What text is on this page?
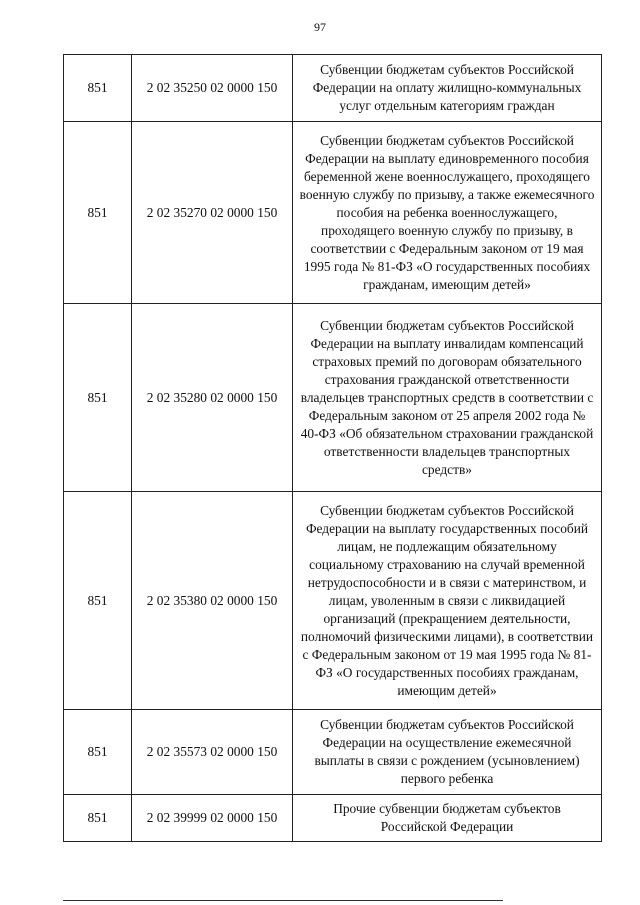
97
851	2 02 35250 02 0000 150	Субвенции бюджетам субъектов Российской Федерации на оплату жилищно-коммунальных услуг отдельным категориям граждан
851	2 02 35270 02 0000 150	Субвенции бюджетам субъектов Российской Федерации на выплату единовременного пособия беременной жене военнослужащего, проходящего военную службу по призыву, а также ежемесячного пособия на ребенка военнослужащего, проходящего военную службу по призыву, в соответствии с Федеральным законом от 19 мая 1995 года № 81-ФЗ «О государственных пособиях гражданам, имеющим детей»
851	2 02 35280 02 0000 150	Субвенции бюджетам субъектов Российской Федерации на выплату инвалидам компенсаций страховых премий по договорам обязательного страхования гражданской ответственности владельцев транспортных средств в соответствии с Федеральным законом от 25 апреля 2002 года № 40-ФЗ «Об обязательном страховании гражданской ответственности владельцев транспортных средств»
851	2 02 35380 02 0000 150	Субвенции бюджетам субъектов Российской Федерации на выплату государственных пособий лицам, не подлежащим обязательному социальному страхованию на случай временной нетрудоспособности и в связи с материнством, и лицам, уволенным в связи с ликвидацией организаций (прекращением деятельности, полномочий физическими лицами), в соответствии с Федеральным законом от 19 мая 1995 года № 81-ФЗ «О государственных пособиях гражданам, имеющим детей»
851	2 02 35573 02 0000 150	Субвенции бюджетам субъектов Российской Федерации на осуществление ежемесячной выплаты в связи с рождением (усыновлением) первого ребенка
851	2 02 39999 02 0000 150	Прочие субвенции бюджетам субъектов Российской Федерации
